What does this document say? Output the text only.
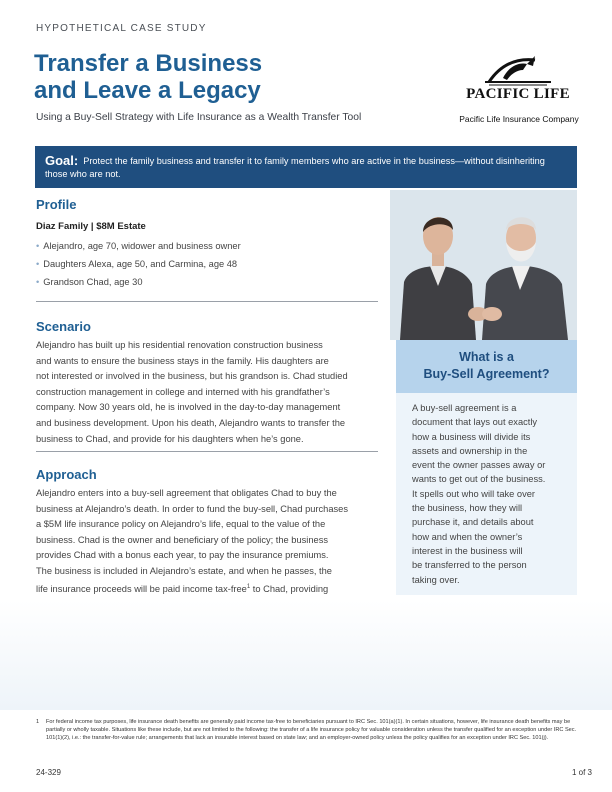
HYPOTHETICAL CASE STUDY
Transfer a Business
and Leave a Legacy
Using a Buy-Sell Strategy with Life Insurance as a Wealth Transfer Tool
PACIFIC LIFE
Pacific Life Insurance Company
Goal: Protect the family business and transfer it to family members who are active in the business—without disinheriting those who are not.
Profile
Diaz Family | $8M Estate
• Alejandro, age 70, widower and business owner
• Daughters Alexa, age 50, and Carmina, age 48
• Grandson Chad, age 30
Scenario
Alejandro has built up his residential renovation construction business
and wants to ensure the business stays in the family. His daughters are
not interested or involved in the business, but his grandson is. Chad studied
construction management in college and interned with his grandfather’s
company. Now 30 years old, he is involved in the day-to-day management
and business development. Upon his death, Alejandro wants to transfer the
business to Chad, and provide for his daughters when he’s gone.
Approach
Alejandro enters into a buy-sell agreement that obligates Chad to buy the
business at Alejandro’s death. In order to fund the buy-sell, Chad purchases
a $5M life insurance policy on Alejandro’s life, equal to the value of the
business. Chad is the owner and beneficiary of the policy; the business
provides Chad with a bonus each year, to pay the insurance premiums.
The business is included in Alejandro’s estate, and when he passes, the
life insurance proceeds will be paid income tax-free$^1$ to Chad, providing
What is a
Buy-Sell Agreement?
A buy-sell agreement is a
document that lays out exactly
how a business will divide its
assets and ownership in the
event the owner passes away or
wants to get out of the business.
It spells out who will take over
the business, how they will
purchase it, and details about
how and when the owner’s
interest in the business will
be transferred to the person
taking over.
1	For federal income tax purposes, life insurance death benefits are generally paid income tax-free to beneficiaries pursuant to IRC Sec. 101(a)(1). In certain situations, however, life insurance death benefits may be partially or wholly taxable. Situations like these include, but are not limited to the following: the transfer of a life insurance policy for valuable consideration unless the transfer qualified for an exception under IRC Sec. 101(1)(2), i.e.: the transfer-for-value rule; arrangements that lack an insurable interest based on state law; and an employer-owned policy unless the policy qualifies for an exception under IRC Sec. 101(j).
24-329	1 of 3
